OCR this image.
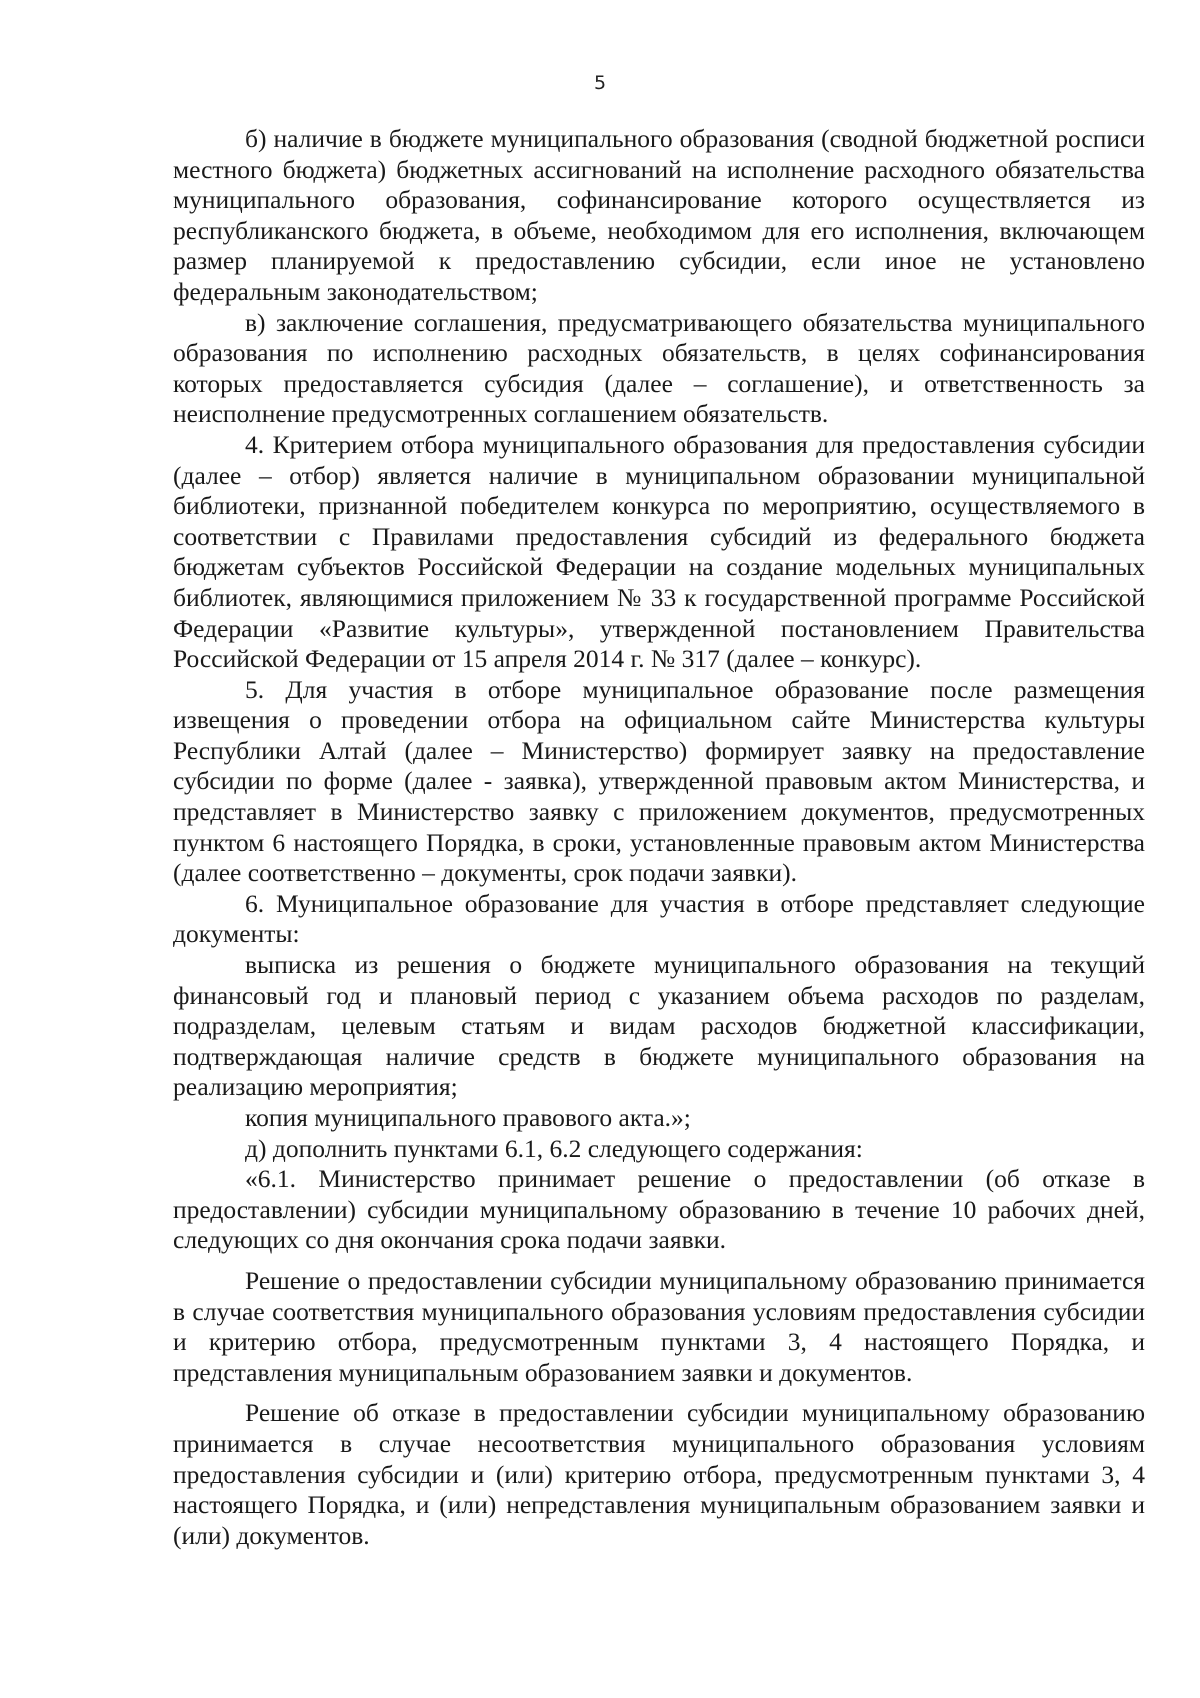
5

б) наличие в бюджете муниципального образования (сводной бюджетной росписи местного бюджета) бюджетных ассигнований на исполнение расходного обязательства муниципального образования, софинансирование которого осуществляется из республиканского бюджета, в объеме, необходимом для его исполнения, включающем размер планируемой к предоставлению субсидии, если иное не установлено федеральным законодательством;

в) заключение соглашения, предусматривающего обязательства муниципального образования по исполнению расходных обязательств, в целях софинансирования которых предоставляется субсидия (далее – соглашение), и ответственность за неисполнение предусмотренных соглашением обязательств.

4. Критерием отбора муниципального образования для предоставления субсидии (далее – отбор) является наличие в муниципальном образовании муниципальной библиотеки, признанной победителем конкурса по мероприятию, осуществляемого в соответствии с Правилами предоставления субсидий из федерального бюджета бюджетам субъектов Российской Федерации на создание модельных муниципальных библиотек, являющимися приложением № 33 к государственной программе Российской Федерации «Развитие культуры», утвержденной постановлением Правительства Российской Федерации от 15 апреля 2014 г. № 317 (далее – конкурс).

5. Для участия в отборе муниципальное образование после размещения извещения о проведении отбора на официальном сайте Министерства культуры Республики Алтай (далее – Министерство) формирует заявку на предоставление субсидии по форме (далее - заявка), утвержденной правовым актом Министерства, и представляет в Министерство заявку с приложением документов, предусмотренных пунктом 6 настоящего Порядка, в сроки, установленные правовым актом Министерства (далее соответственно – документы, срок подачи заявки).

6. Муниципальное образование для участия в отборе представляет следующие документы:

выписка из решения о бюджете муниципального образования на текущий финансовый год и плановый период с указанием объема расходов по разделам, подразделам, целевым статьям и видам расходов бюджетной классификации, подтверждающая наличие средств в бюджете муниципального образования на реализацию мероприятия;

копия муниципального правового акта.»;

д) дополнить пунктами 6.1, 6.2 следующего содержания:

«6.1. Министерство принимает решение о предоставлении (об отказе в предоставлении) субсидии муниципальному образованию в течение 10 рабочих дней, следующих со дня окончания срока подачи заявки.

Решение о предоставлении субсидии муниципальному образованию принимается в случае соответствия муниципального образования условиям предоставления субсидии и критерию отбора, предусмотренным пунктами 3, 4 настоящего Порядка, и представления муниципальным образованием заявки и документов.

Решение об отказе в предоставлении субсидии муниципальному образованию принимается в случае несоответствия муниципального образования условиям предоставления субсидии и (или) критерию отбора, предусмотренным пунктами 3, 4 настоящего Порядка, и (или) непредставления муниципальным образованием заявки и (или) документов.
